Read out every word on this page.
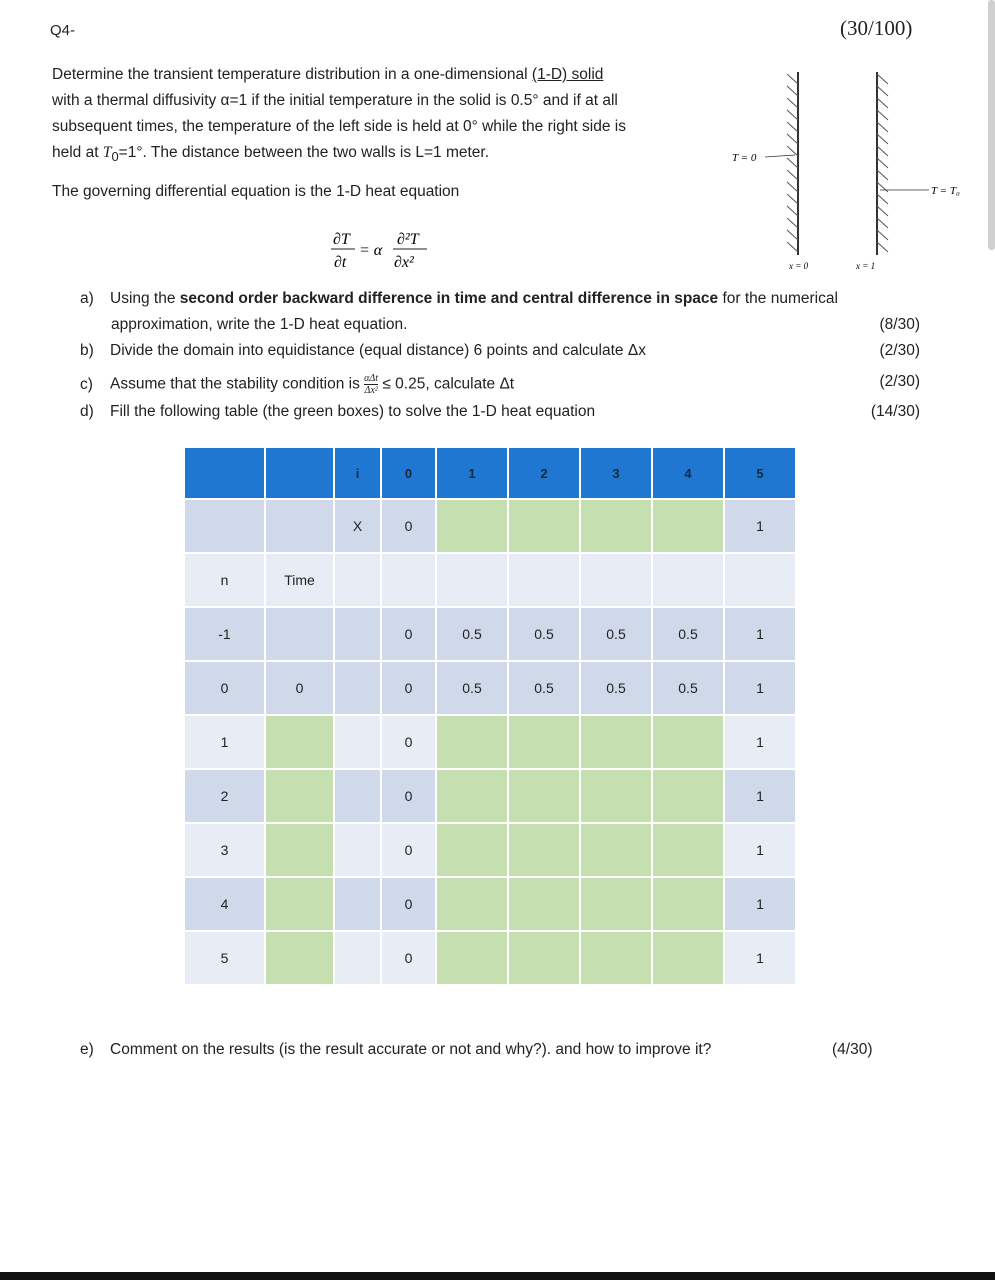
Q4-	(30/100)

Determine the transient temperature distribution in a one-dimensional (1-D) solid

with a thermal diffusivity α=1 if the initial temperature in the solid is 0.5° and if at all

subsequent times, the temperature of the left side is held at 0° while the right side is

held at $T_0=1^\circ$. The distance between the two walls is L=1 meter.

The governing differential equation is the 1-D heat equation
∂T
∂t
= α
∂²T
∂x²
T = 0
T = T₀
x = 0	x = 1
a) Using the second order backward difference in time and central difference in space for the numerical
approximation, write the 1-D heat equation.	(8/30)
b) Divide the domain into equidistance (equal distance) 6 points and calculate Δx	(2/30)
c) Assume that the stability condition is αΔt
Δx² ≤ 0.25, calculate Δt	(2/30)
d) Fill the following table (the green boxes) to solve the 1-D heat equation	(14/30)
		i	0	1	2	3	4	5
		X	0					1
n	Time							
-1			0	0.5	0.5	0.5	0.5	1
0	0		0	0.5	0.5	0.5	0.5	1
1			0					1
2			0					1
3			0					1
4			0					1
5			0					1
e) Comment on the results (is the result accurate or not and why?). and how to improve it?	(4/30)
